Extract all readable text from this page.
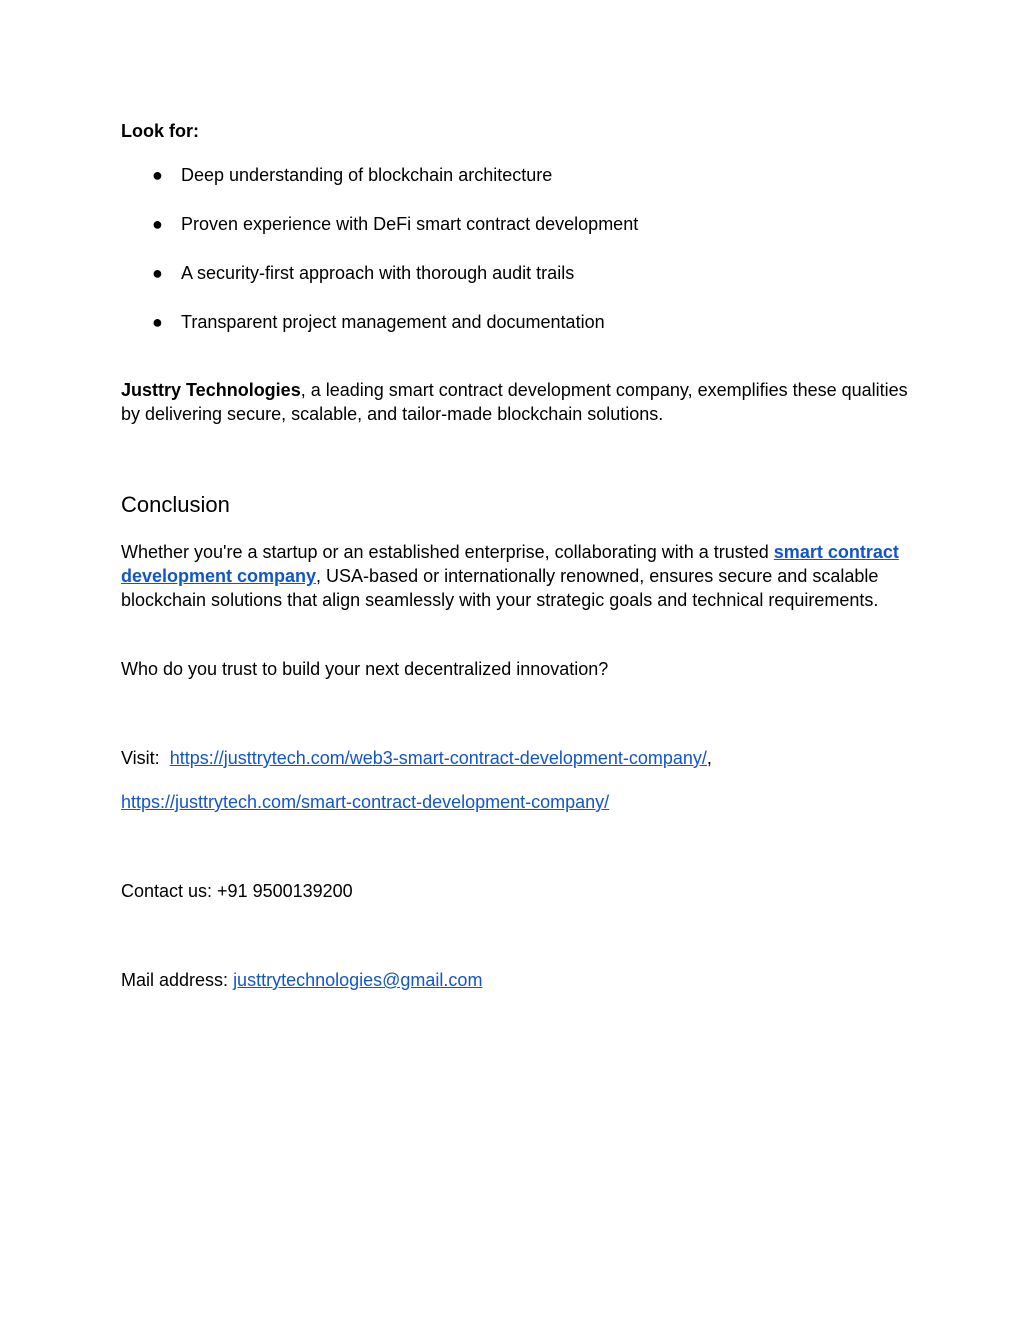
Look for:

● Deep understanding of blockchain architecture
● Proven experience with DeFi smart contract development
● A security-first approach with thorough audit trails
● Transparent project management and documentation

Justtry Technologies, a leading smart contract development company, exemplifies these qualities by delivering secure, scalable, and tailor-made blockchain solutions.

Conclusion

Whether you're a startup or an established enterprise, collaborating with a trusted smart contract development company, USA-based or internationally renowned, ensures secure and scalable blockchain solutions that align seamlessly with your strategic goals and technical requirements.

Who do you trust to build your next decentralized innovation?

Visit: https://justtrytech.com/web3-smart-contract-development-company/,

https://justtrytech.com/smart-contract-development-company/

Contact us: +91 9500139200

Mail address: justtrytechnologies@gmail.com
